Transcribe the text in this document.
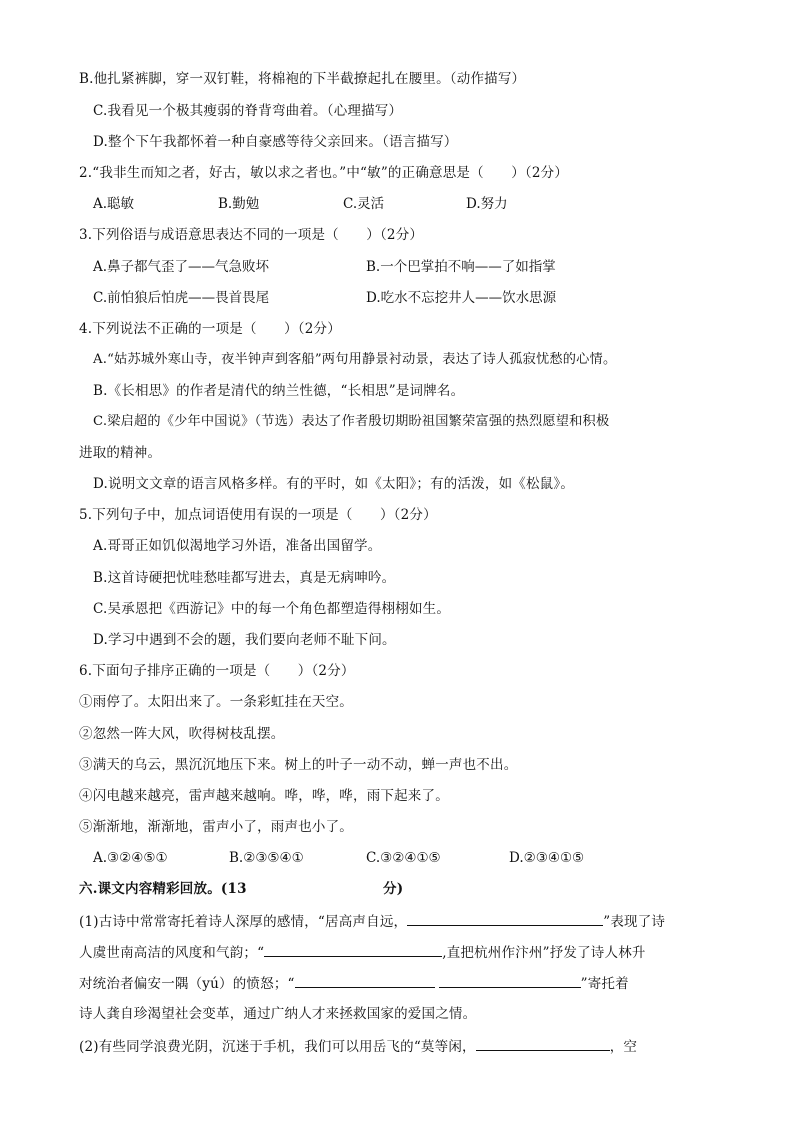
B.他扎紧裤脚，穿一双钉鞋，将棉袍的下半截撩起扎在腰里。（动作描写）
C.我看见一个极其瘦弱的脊背弯曲着。（心理描写）
D.整个下午我都怀着一种自豪感等待父亲回来。（语言描写）
2.“我非生而知之者，好古，敏以求之者也。”中“敏”的正确意思是（　　）（2分）
A.聪敏	B.勤勉	C.灵活	D.努力
3.下列俗语与成语意思表达不同的一项是（　　）（2分）
A.鼻子都气歪了——气急败坏	B.一个巴掌拍不响——了如指掌
C.前怕狼后怕虎——畏首畏尾	D.吃水不忘挖井人——饮水思源
4.下列说法不正确的一项是（　　）（2分）
A.“姑苏城外寒山寺，夜半钟声到客船”两句用静景衬动景，表达了诗人孤寂忧愁的心情。
B.《长相思》的作者是清代的纳兰性德，“长相思”是词牌名。
C.梁启超的《少年中国说》（节选）表达了作者殷切期盼祖国繁荣富强的热烈愿望和积极
进取的精神。
D.说明文文章的语言风格多样。有的平时，如《太阳》；有的活泼，如《松鼠》。
5.下列句子中，加点词语使用有误的一项是（　　）（2分）
A.哥哥正如饥似渴地学习外语，准备出国留学。
B.这首诗硬把忧哇愁哇都写进去，真是无病呻吟。
C.吴承恩把《西游记》中的每一个角色都塑造得栩栩如生。
D.学习中遇到不会的题，我们要向老师不耻下问。
6.下面句子排序正确的一项是（　　）（2分）
①雨停了。太阳出来了。一条彩虹挂在天空。
②忽然一阵大风，吹得树枝乱摆。
③满天的乌云，黑沉沉地压下来。树上的叶子一动不动，蝉一声也不出。
④闪电越来越亮，雷声越来越响。哗，哗，哗，雨下起来了。
⑤渐渐地，渐渐地，雷声小了，雨声也小了。
A.③②④⑤①	B.②③⑤④①	C.③②④①⑤	D.②③④①⑤
六.课文内容精彩回放。(13	分)
(1)古诗中常常寄托着诗人深厚的感情，“居高声自远，	”表现了诗
人虞世南高洁的风度和气韵；“	,直把杭州作汴州”抒发了诗人林升
对统治者偏安一隅（yú）的愤怒；“	”寄托着
诗人龚自珍渴望社会变革，通过广纳人才来拯救国家的爱国之情。
(2)有些同学浪费光阴，沉迷于手机，我们可以用岳飞的“莫等闲，	，空
